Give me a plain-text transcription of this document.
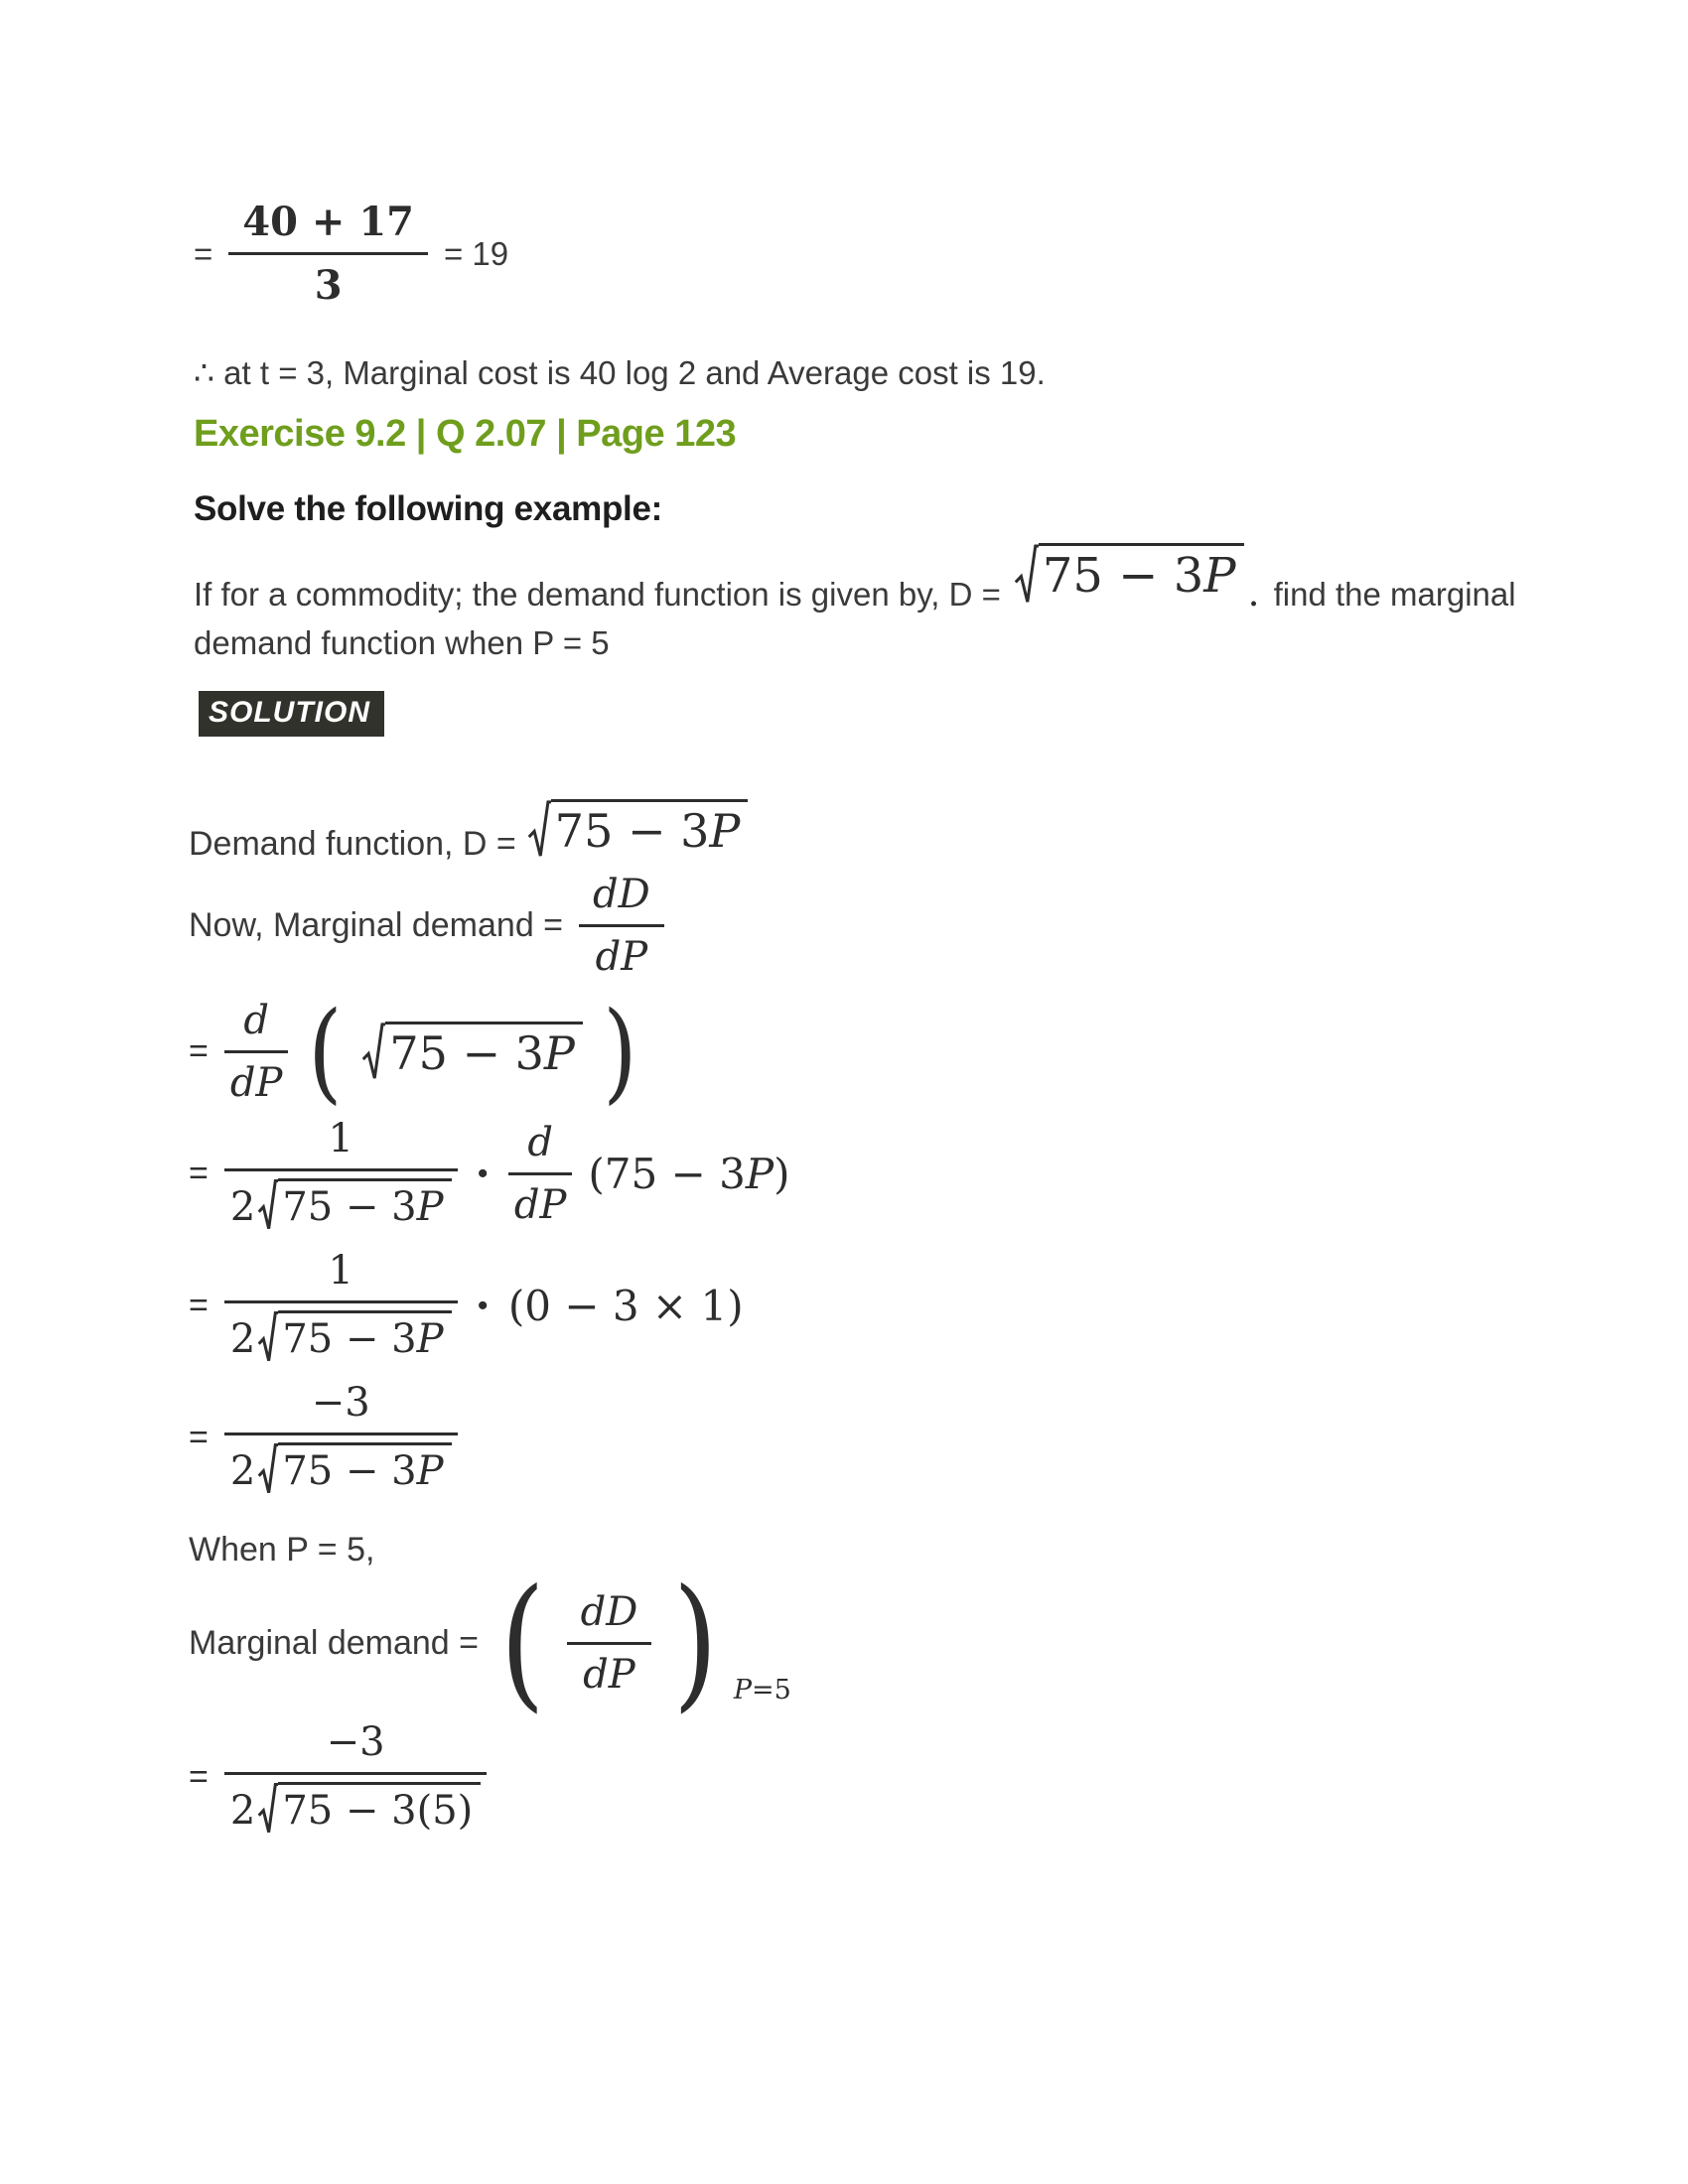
= $\frac{40 + 17}{3} = 19$

∴ at t = 3, Marginal cost is 40 log 2 and Average cost is 19.

Exercise 9.2 | Q 2.07 | Page 123
Solve the following example:
If for a commodity; the demand function is given by, D = 75 − 3P . find the marginal
demand function when P = 5
SOLUTION
Demand function, D = 75 − 3P
Now, Marginal demand = $\frac{dD}{dP}$
= $\frac{d}{dP}$ ( 75 − 3P )
= $\frac{1}{2 75 - 3P} \cdot \frac{d}{dP} (75 - 3P)$
= $\frac{1}{2 75 - 3P} \cdot (0 - 3 \times 1)$
= $\frac{-3}{2 75 - 3P}$
When P = 5,
Marginal demand = ( $\frac{dD}{dP}$ ) P=5
= $\frac{-3}{2 75 - 3(5)}$
